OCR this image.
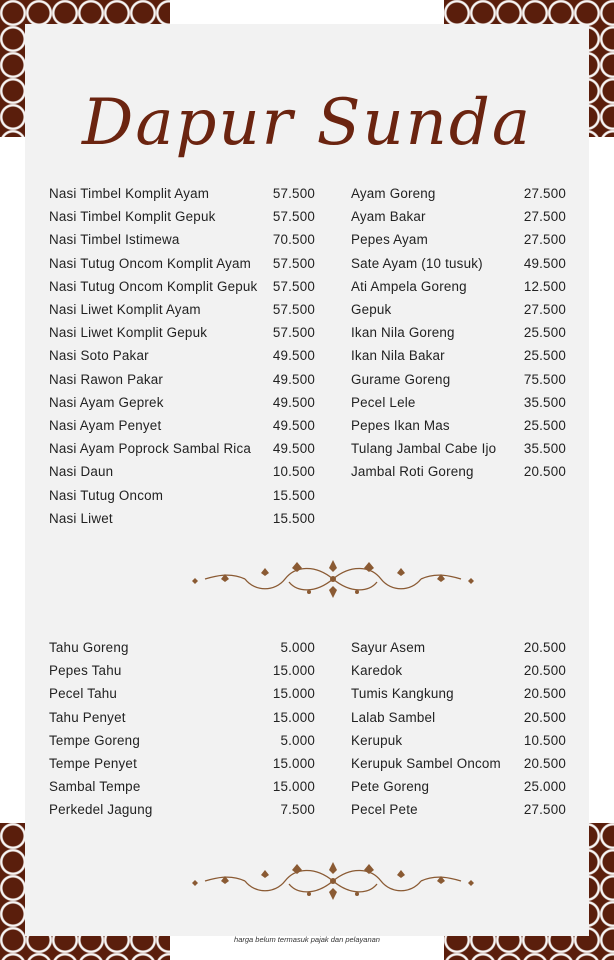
Dapur Sunda
Nasi Timbel Komplit Ayam	57.500
Nasi Timbel Komplit Gepuk	57.500
Nasi Timbel Istimewa	70.500
Nasi Tutug Oncom Komplit Ayam 57.500
Nasi Tutug Oncom Komplit Gepuk 57.500
Nasi Liwet Komplit Ayam	57.500
Nasi Liwet Komplit Gepuk	57.500
Nasi Soto Pakar	49.500
Nasi Rawon Pakar	49.500
Nasi Ayam Geprek	49.500
Nasi Ayam Penyet	49.500
Nasi Ayam Poprock Sambal Rica 49.500
Nasi Daun	10.500
Nasi Tutug Oncom	15.500
Nasi Liwet	15.500
Ayam Goreng	27.500
Ayam Bakar	27.500
Pepes Ayam	27.500
Sate Ayam (10 tusuk)	49.500
Ati Ampela Goreng	12.500
Gepuk	27.500
Ikan Nila Goreng	25.500
Ikan Nila Bakar	25.500
Gurame Goreng	75.500
Pecel Lele	35.500
Pepes Ikan Mas	25.500
Tulang Jambal Cabe Ijo 35.500
Jambal Roti Goreng	20.500
Tahu Goreng	5.000
Pepes Tahu	15.000
Pecel Tahu	15.000
Tahu Penyet	15.000
Tempe Goreng	5.000
Tempe Penyet	15.000
Sambal Tempe	15.000
Perkedel Jagung	7.500
Sayur Asem	20.500
Karedok	20.500
Tumis Kangkung	20.500
Lalab Sambel	20.500
Kerupuk	10.500
Kerupuk Sambel Oncom 20.500
Pete Goreng	25.000
Pecel Pete	27.500
harga belum termasuk pajak dan pelayanan
